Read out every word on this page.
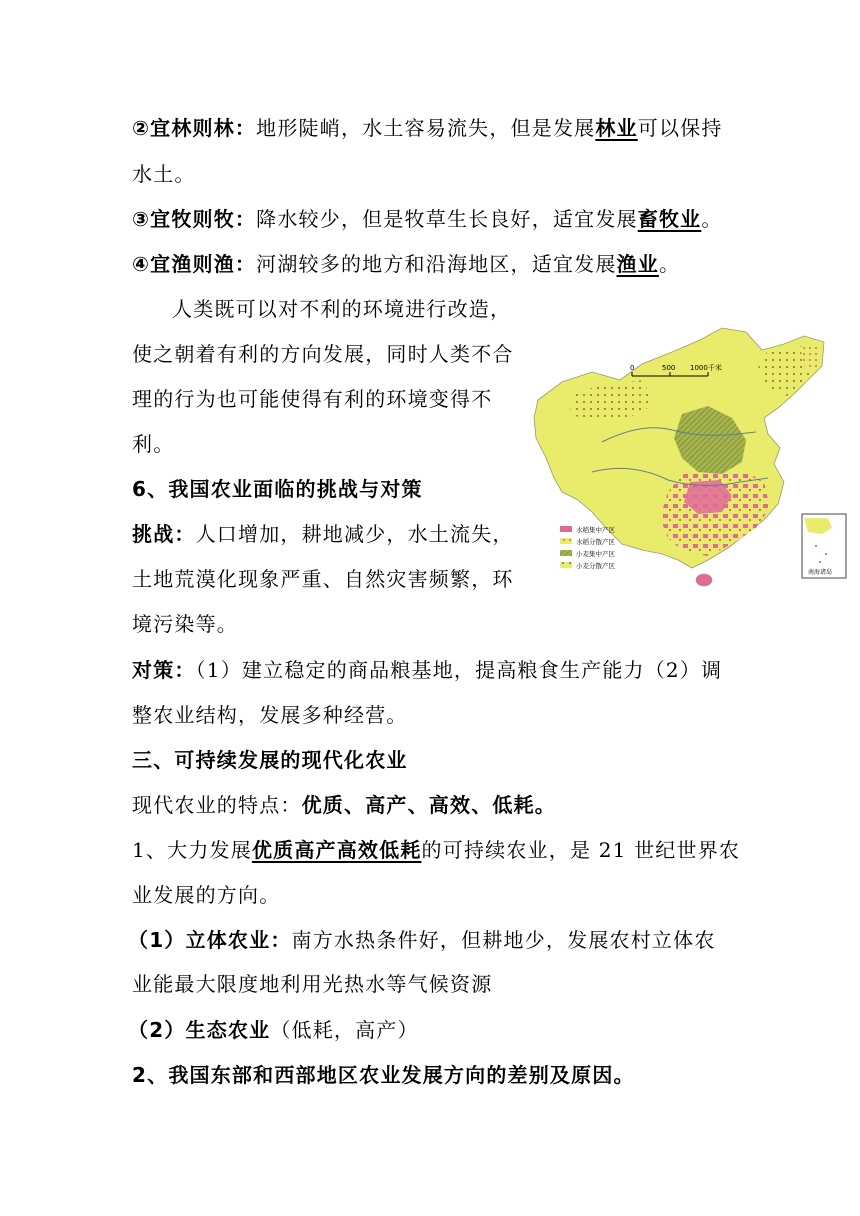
②宜林则林：地形陡峭，水土容易流失，但是发展林业可以保持
水土。
③宜牧则牧：降水较少，但是牧草生长良好，适宜发展畜牧业。
④宜渔则渔：河湖较多的地方和沿海地区，适宜发展渔业。
人类既可以对不利的环境进行改造，
使之朝着有利的方向发展，同时人类不合
理的行为也可能使得有利的环境变得不
利。
6、我国农业面临的挑战与对策
挑战：人口增加，耕地减少，水土流失，
土地荒漠化现象严重、自然灾害频繁，环
境污染等。
对策：（1）建立稳定的商品粮基地，提高粮食生产能力（2）调
整农业结构，发展多种经营。
三、可持续发展的现代化农业
现代农业的特点：优质、高产、高效、低耗。
1、大力发展优质高产高效低耗的可持续农业，是 21 世纪世界农
业发展的方向。
（1）立体农业：南方水热条件好，但耕地少，发展农村立体农
业能最大限度地利用光热水等气候资源
（2）生态农业（低耗，高产）
2、我国东部和西部地区农业发展方向的差别及原因。
0	500 1000千米
水稻集中产区
水稻分散产区
小麦集中产区
小麦分散产区
南海诸岛
